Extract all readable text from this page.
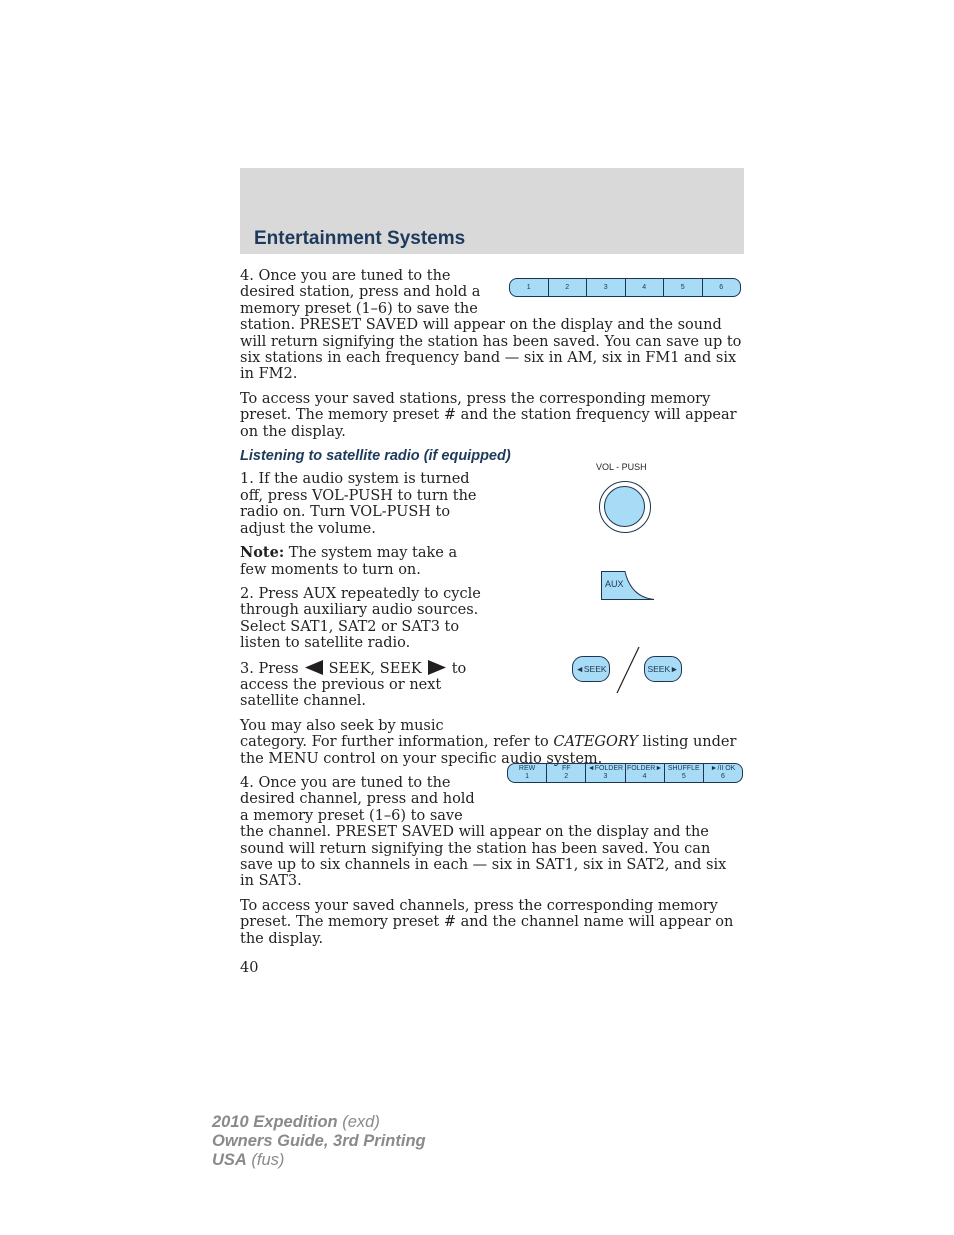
Entertainment Systems
1	2	3	4	5	6
VOL - PUSH
AUX
◄SEEK	SEEK►
REW
1
FF
2
◄FOLDER
3
FOLDER►
4
SHUFFLE
5
►/II OK
6

4. Once you are tuned to the desired station, press and hold a memory preset (1–6) to save the station. PRESET SAVED will appear on the display and the sound will return signifying the station has been saved. You can save up to six stations in each frequency band — six in AM, six in FM1 and six in FM2.

To access your saved stations, press the corresponding memory preset. The memory preset # and the station frequency will appear on the display.

Listening to satellite radio (if equipped)

1. If the audio system is turned off, press VOL-PUSH to turn the radio on. Turn VOL-PUSH to adjust the volume.

Note: The system may take a few moments to turn on.

2. Press AUX repeatedly to cycle through auxiliary audio sources. Select SAT1, SAT2 or SAT3 to listen to satellite radio.

3. Press SEEK, SEEK to access the previous or next satellite channel.

You may also seek by music category. For further information, refer to CATEGORY listing under the MENU control on your specific audio system.

4. Once you are tuned to the desired channel, press and hold a memory preset (1–6) to save the channel. PRESET SAVED will appear on the display and the sound will return signifying the station has been saved. You can save up to six channels in each — six in SAT1, six in SAT2, and six in SAT3.

To access your saved channels, press the corresponding memory preset. The memory preset # and the channel name will appear on the display.

40

2010 Expedition (exd)
Owners Guide, 3rd Printing
USA (fus)
